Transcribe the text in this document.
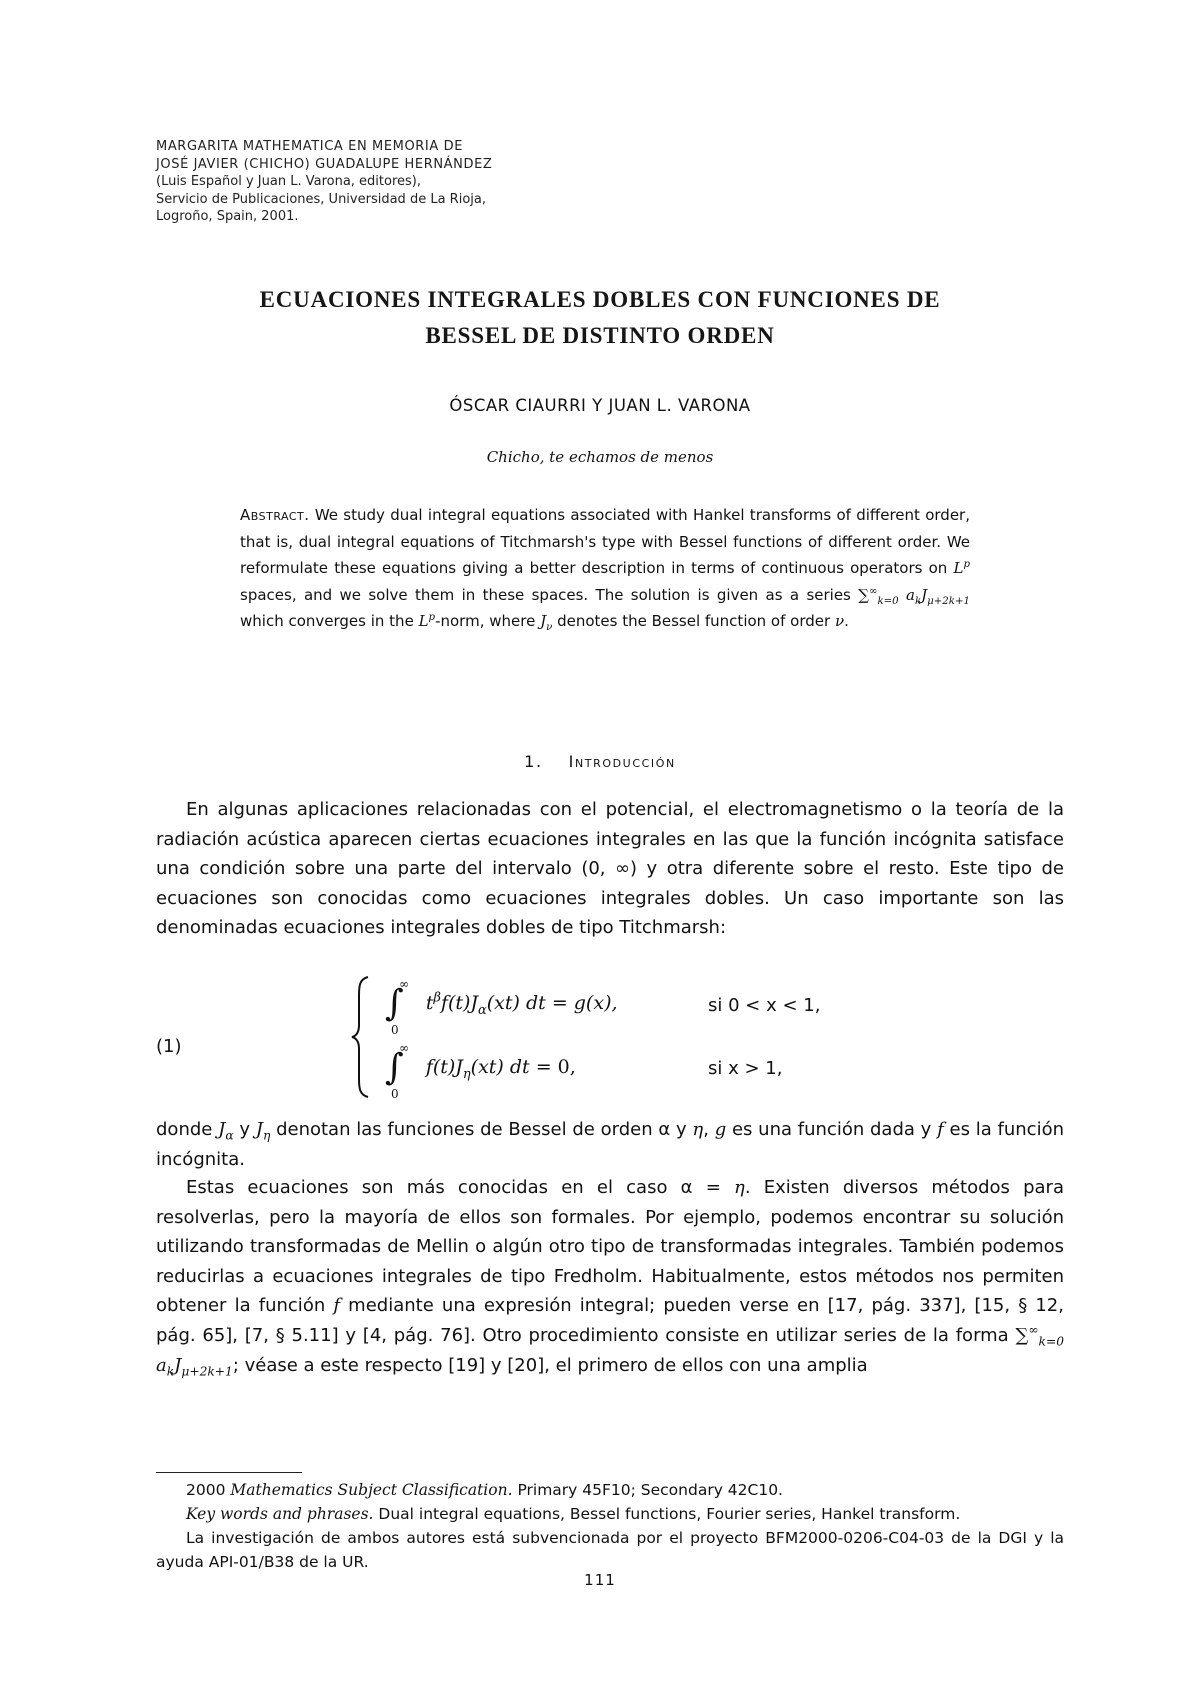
MARGARITA MATHEMATICA EN MEMORIA DE
JOSÉ JAVIER (CHICHO) GUADALUPE HERNÁNDEZ
(Luis Español y Juan L. Varona, editores),
Servicio de Publicaciones, Universidad de La Rioja,
Logroño, Spain, 2001.
ECUACIONES INTEGRALES DOBLES CON FUNCIONES DE
BESSEL DE DISTINTO ORDEN
ÓSCAR CIAURRI Y JUAN L. VARONA
Chicho, te echamos de menos
Abstract. We study dual integral equations associated with Hankel transforms of different order, that is, dual integral equations of Titchmarsh's type with Bessel functions of different order. We reformulate these equations giving a better description in terms of continuous operators on $L^p$ spaces, and we solve them in these spaces. The solution is given as a series $\sum^\infty_{k=0}$ $a_kJ_{\mu+2k+1}$ which converges in the $L^p$-norm, where $J_\nu$ denotes the Bessel function of order ν.
1. Introducción
En algunas aplicaciones relacionadas con el potencial, el electromagnetismo o la teoría de la radiación acústica aparecen ciertas ecuaciones integrales en las que la función incógnita satisface una condición sobre una parte del intervalo (0, ∞) y otra diferente sobre el resto. Este tipo de ecuaciones son conocidas como ecuaciones integrales dobles. Un caso importante son las denominadas ecuaciones integrales dobles de tipo Titchmarsh:
(1)
∫
∞
0
$t^\beta f(t)J_\alpha(xt)$ dt = g(x),	si 0 < x < 1,
∫
∞
0
$f(t)J_\eta(xt)$ dt = 0,	si x > 1,
donde $J_\alpha$ y $J_\eta$ denotan las funciones de Bessel de orden α y η, g es una función dada y f es la función incógnita.
Estas ecuaciones son más conocidas en el caso α = η. Existen diversos métodos para resolverlas, pero la mayoría de ellos son formales. Por ejemplo, podemos encontrar su solución utilizando transformadas de Mellin o algún otro tipo de transformadas integrales. También podemos reducirlas a ecuaciones integrales de tipo Fredholm. Habitualmente, estos métodos nos permiten obtener la función f mediante una expresión integral; pueden verse en [17, pág. 337], [15, § 12, pág. 65], [7, § 5.11] y [4, pág. 76]. Otro procedimiento consiste en utilizar series de la forma $\sum^\infty_{k=0}$ $a_kJ_{\mu+2k+1}$; véase a este respecto [19] y [20], el primero de ellos con una amplia

2000 Mathematics Subject Classification. Primary 45F10; Secondary 42C10.

Key words and phrases. Dual integral equations, Bessel functions, Fourier series, Hankel transform.

La investigación de ambos autores está subvencionada por el proyecto BFM2000-0206-C04-03 de la DGI y la ayuda API-01/B38 de la UR.

111
